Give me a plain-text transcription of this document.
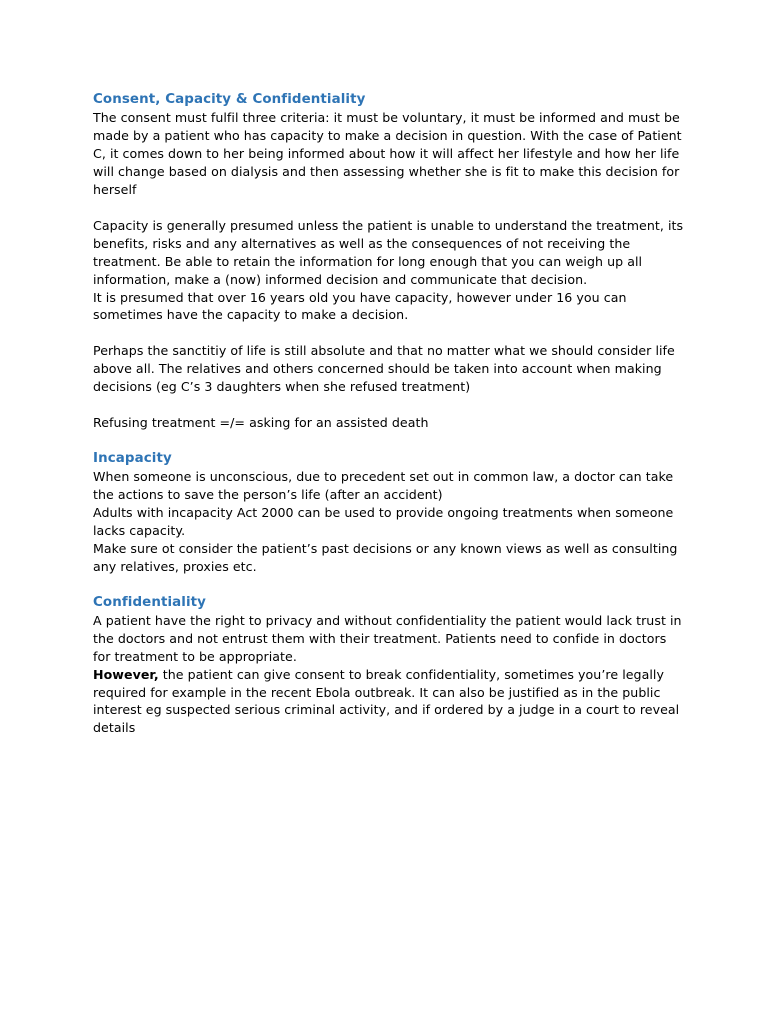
Consent, Capacity & Confidentiality

The consent must fulfil three criteria: it must be voluntary, it must be informed and must be
made by a patient who has capacity to make a decision in question. With the case of Patient
C, it comes down to her being informed about how it will affect her lifestyle and how her life
will change based on dialysis and then assessing whether she is fit to make this decision for
herself

Capacity is generally presumed unless the patient is unable to understand the treatment, its
benefits, risks and any alternatives as well as the consequences of not receiving the
treatment. Be able to retain the information for long enough that you can weigh up all
information, make a (now) informed decision and communicate that decision.
It is presumed that over 16 years old you have capacity, however under 16 you can
sometimes have the capacity to make a decision.

Perhaps the sanctitiy of life is still absolute and that no matter what we should consider life
above all. The relatives and others concerned should be taken into account when making
decisions (eg C’s 3 daughters when she refused treatment)

Refusing treatment =/= asking for an assisted death

Incapacity

When someone is unconscious, due to precedent set out in common law, a doctor can take
the actions to save the person’s life (after an accident)
Adults with incapacity Act 2000 can be used to provide ongoing treatments when someone
lacks capacity.
Make sure ot consider the patient’s past decisions or any known views as well as consulting
any relatives, proxies etc.

Confidentiality

A patient have the right to privacy and without confidentiality the patient would lack trust in
the doctors and not entrust them with their treatment. Patients need to confide in doctors
for treatment to be appropriate.
However, the patient can give consent to break confidentiality, sometimes you’re legally
required for example in the recent Ebola outbreak. It can also be justified as in the public
interest eg suspected serious criminal activity, and if ordered by a judge in a court to reveal
details
